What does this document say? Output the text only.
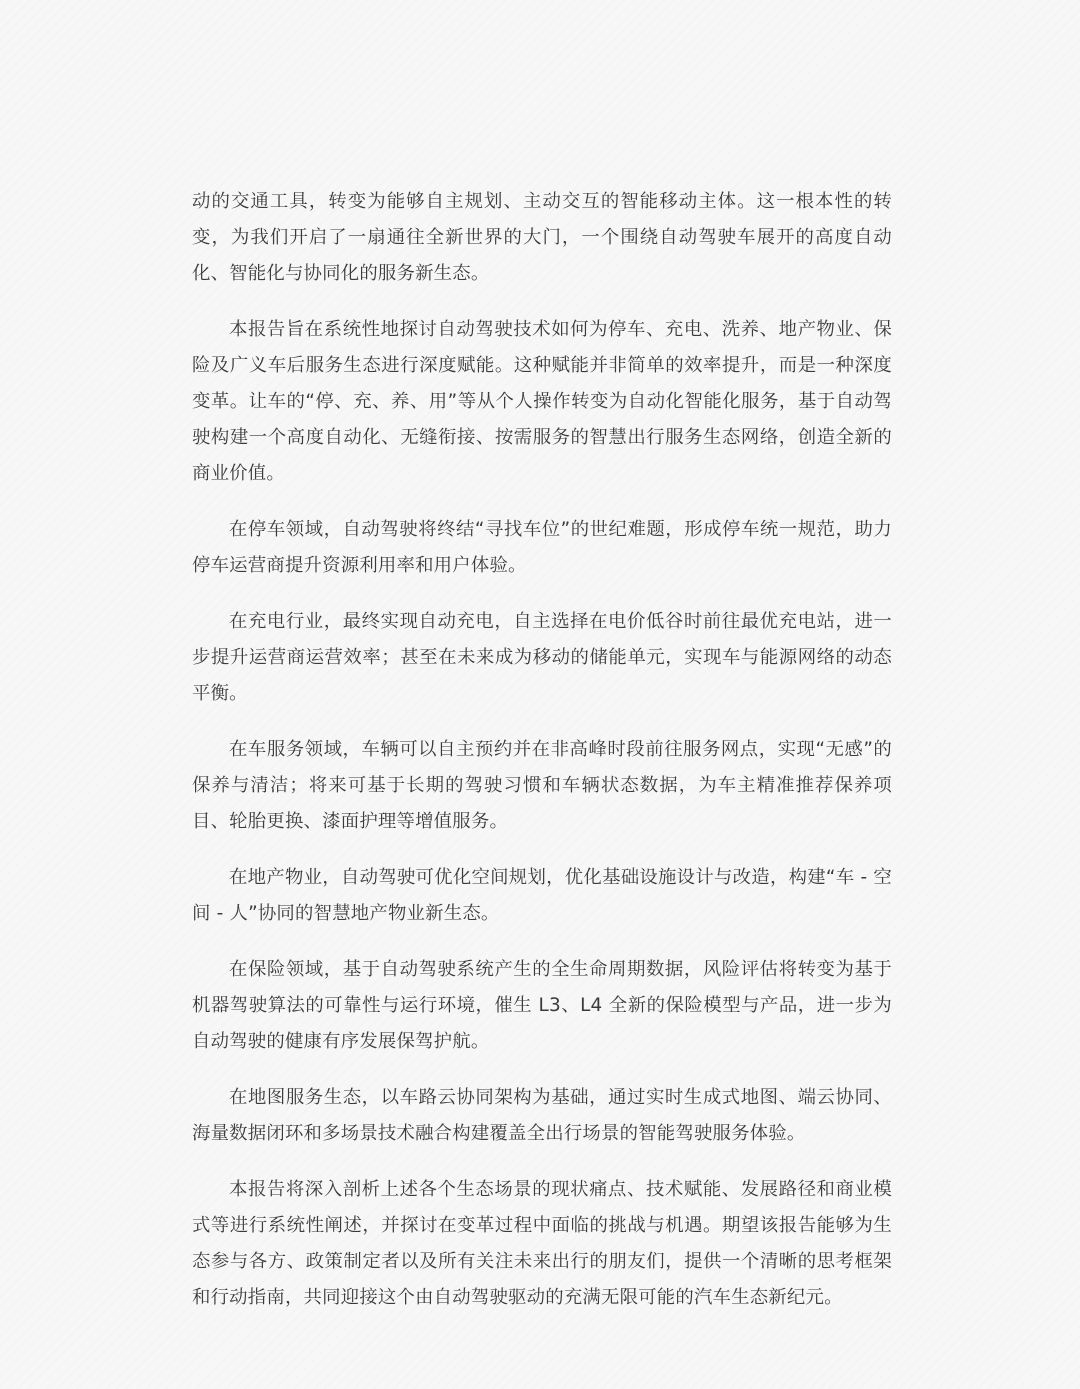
动的交通工具，转变为能够自主规划、主动交互的智能移动主体。这一根本性的转变，为我们开启了一扇通往全新世界的大门，一个围绕自动驾驶车展开的高度自动化、智能化与协同化的服务新生态。

本报告旨在系统性地探讨自动驾驶技术如何为停车、充电、洗养、地产物业、保险及广义车后服务生态进行深度赋能。这种赋能并非简单的效率提升，而是一种深度变革。让车的“停、充、养、用”等从个人操作转变为自动化智能化服务，基于自动驾驶构建一个高度自动化、无缝衔接、按需服务的智慧出行服务生态网络，创造全新的商业价值。

在停车领域，自动驾驶将终结“寻找车位”的世纪难题，形成停车统一规范，助力停车运营商提升资源利用率和用户体验。

在充电行业，最终实现自动充电，自主选择在电价低谷时前往最优充电站，进一步提升运营商运营效率；甚至在未来成为移动的储能单元，实现车与能源网络的动态平衡。

在车服务领域，车辆可以自主预约并在非高峰时段前往服务网点，实现“无感”的保养与清洁；将来可基于长期的驾驶习惯和车辆状态数据，为车主精准推荐保养项目、轮胎更换、漆面护理等增值服务。

在地产物业，自动驾驶可优化空间规划，优化基础设施设计与改造，构建“车 - 空间 - 人”协同的智慧地产物业新生态。

在保险领域，基于自动驾驶系统产生的全生命周期数据，风险评估将转变为基于机器驾驶算法的可靠性与运行环境，催生 L3、L4 全新的保险模型与产品，进一步为自动驾驶的健康有序发展保驾护航。

在地图服务生态，以车路云协同架构为基础，通过实时生成式地图、端云协同、海量数据闭环和多场景技术融合构建覆盖全出行场景的智能驾驶服务体验。

本报告将深入剖析上述各个生态场景的现状痛点、技术赋能、发展路径和商业模式等进行系统性阐述，并探讨在变革过程中面临的挑战与机遇。期望该报告能够为生态参与各方、政策制定者以及所有关注未来出行的朋友们，提供一个清晰的思考框架和行动指南，共同迎接这个由自动驾驶驱动的充满无限可能的汽车生态新纪元。
